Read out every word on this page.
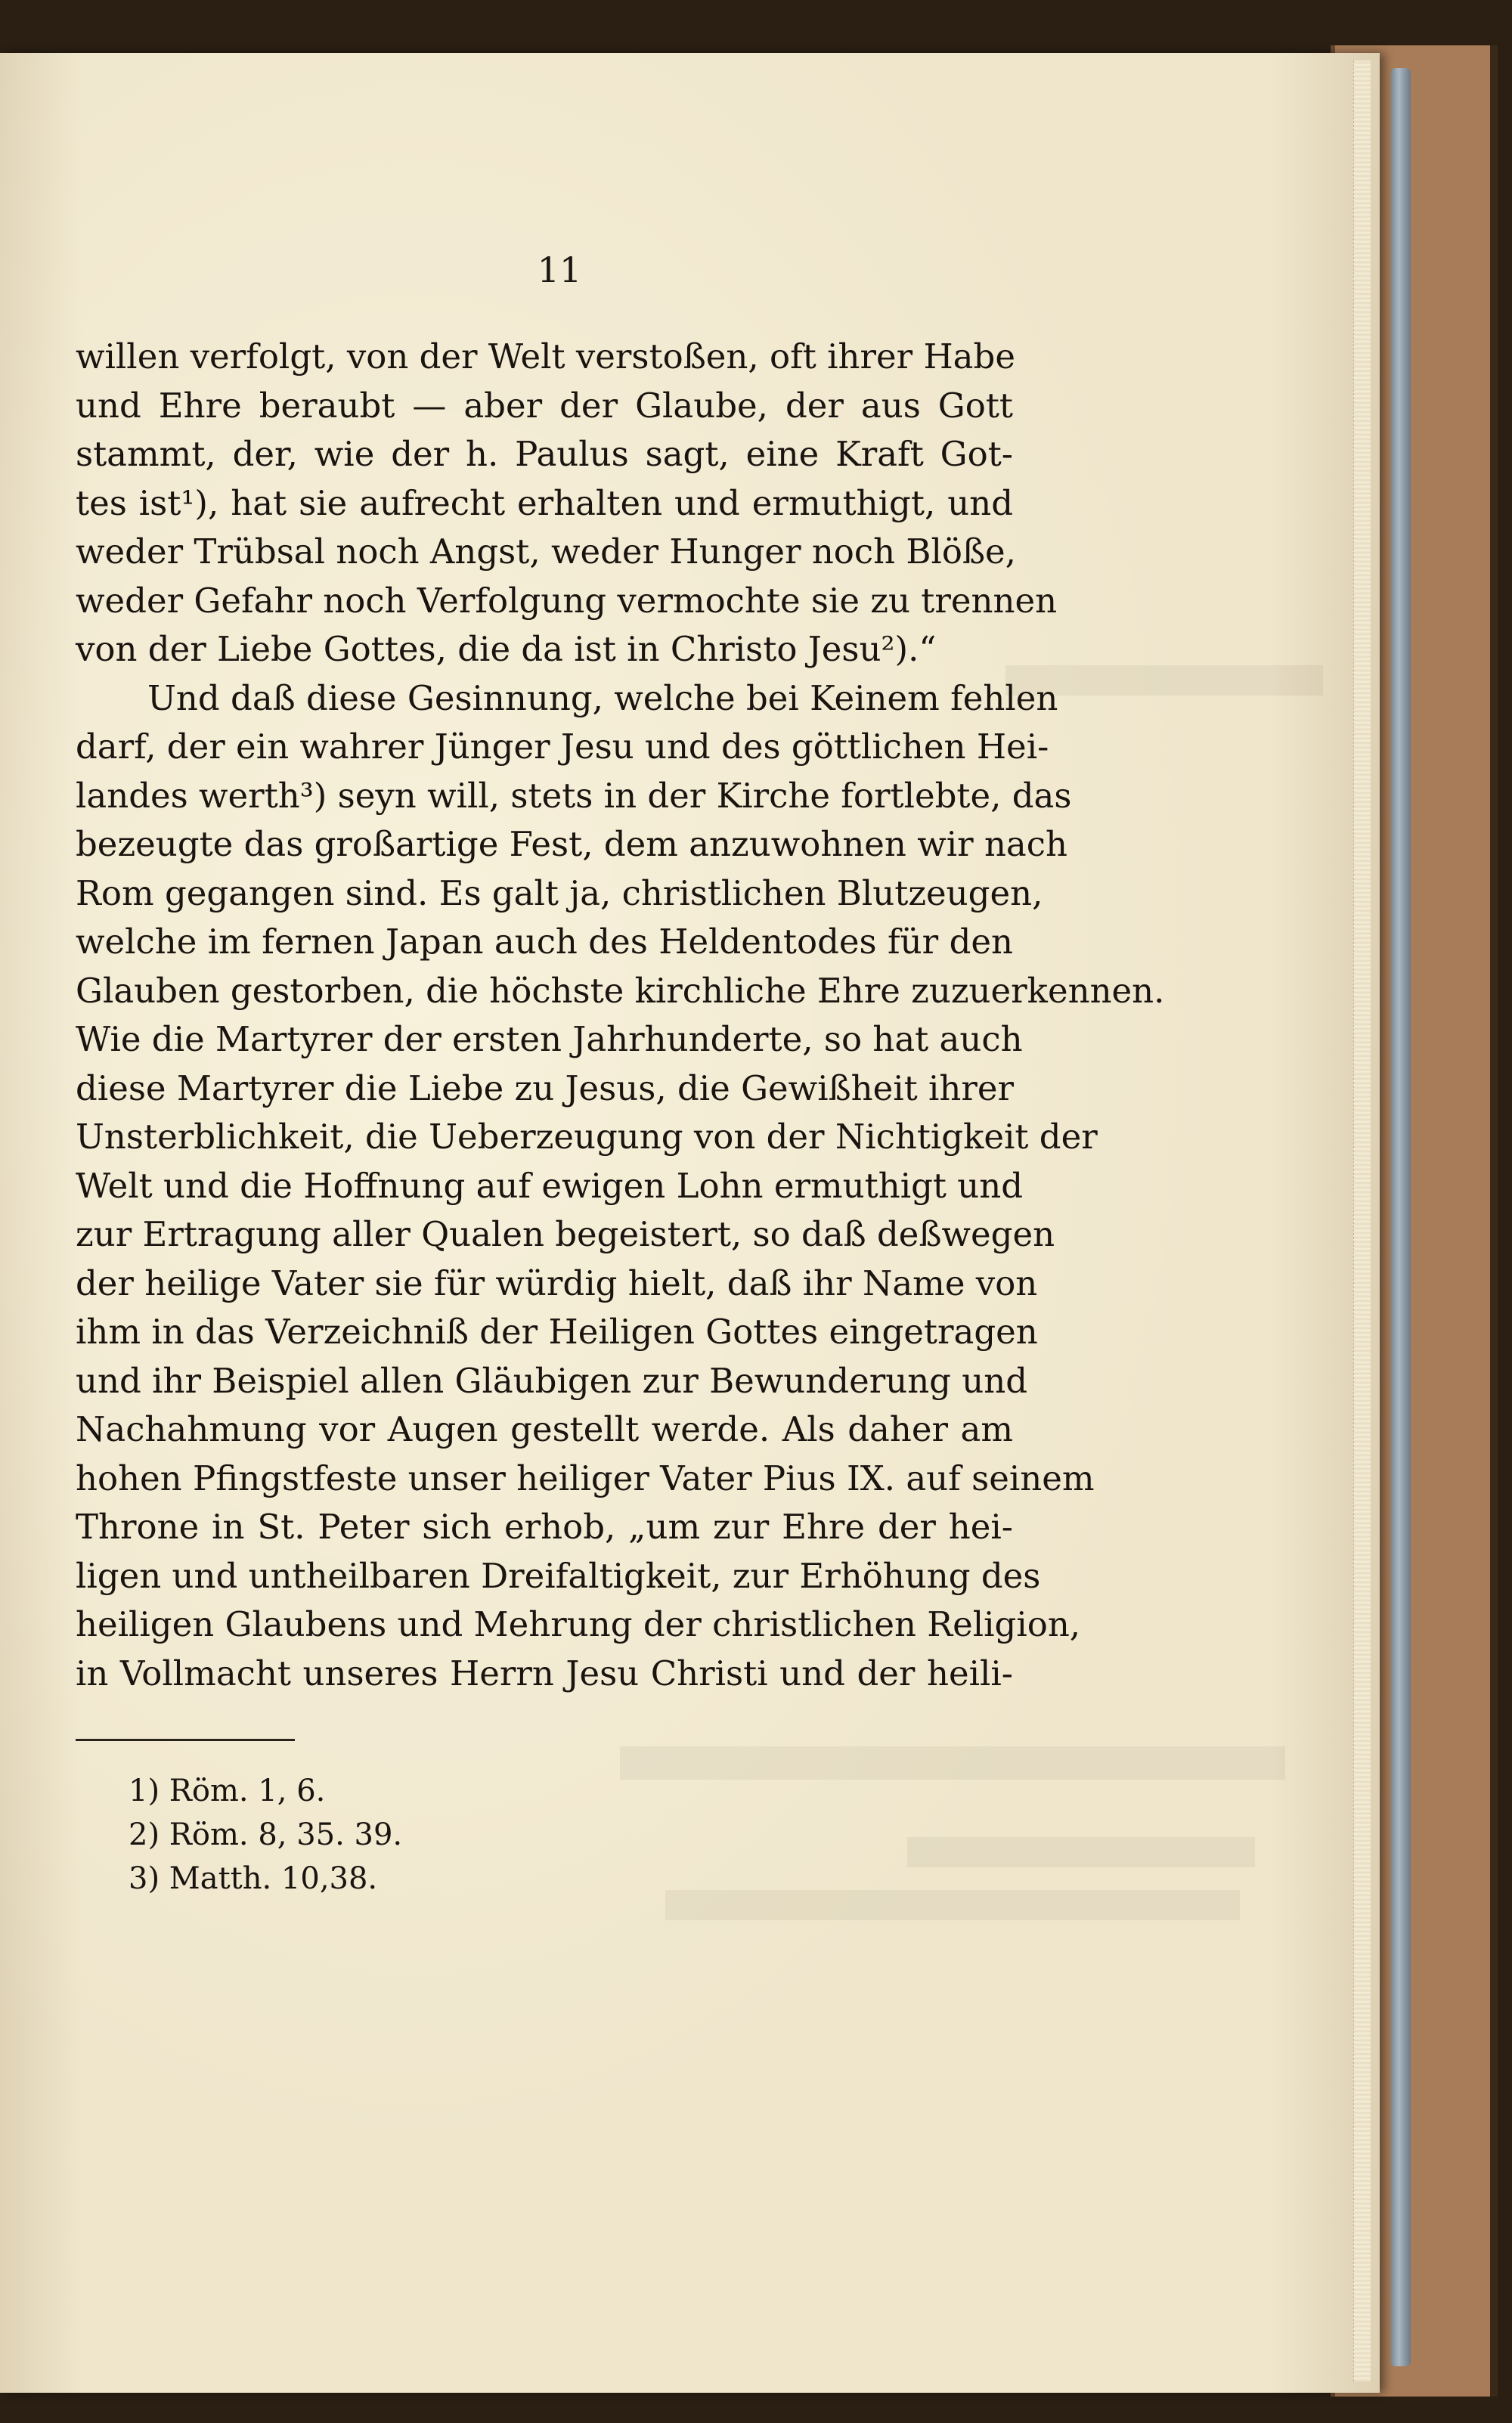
11
willen verfolgt, von der Welt verstoßen, oft ihrer Habe
und Ehre beraubt — aber der Glaube, der aus Gott
stammt, der, wie der h. Paulus sagt, eine Kraft Got-
tes ist¹), hat sie aufrecht erhalten und ermuthigt, und
weder Trübsal noch Angst, weder Hunger noch Blöße,
weder Gefahr noch Verfolgung vermochte sie zu trennen
von der Liebe Gottes, die da ist in Christo Jesu²).“
Und daß diese Gesinnung, welche bei Keinem fehlen
darf, der ein wahrer Jünger Jesu und des göttlichen Hei-
landes werth³) seyn will, stets in der Kirche fortlebte, das
bezeugte das großartige Fest, dem anzuwohnen wir nach
Rom gegangen sind. Es galt ja, christlichen Blutzeugen,
welche im fernen Japan auch des Heldentodes für den
Glauben gestorben, die höchste kirchliche Ehre zuzuerkennen.
Wie die Martyrer der ersten Jahrhunderte, so hat auch
diese Martyrer die Liebe zu Jesus, die Gewißheit ihrer
Unsterblichkeit, die Ueberzeugung von der Nichtigkeit der
Welt und die Hoffnung auf ewigen Lohn ermuthigt und
zur Ertragung aller Qualen begeistert, so daß deßwegen
der heilige Vater sie für würdig hielt, daß ihr Name von
ihm in das Verzeichniß der Heiligen Gottes eingetragen
und ihr Beispiel allen Gläubigen zur Bewunderung und
Nachahmung vor Augen gestellt werde. Als daher am
hohen Pfingstfeste unser heiliger Vater Pius IX. auf seinem
Throne in St. Peter sich erhob, „um zur Ehre der hei-
ligen und untheilbaren Dreifaltigkeit, zur Erhöhung des
heiligen Glaubens und Mehrung der christlichen Religion,
in Vollmacht unseres Herrn Jesu Christi und der heili-
1) Röm. 1, 6.
2) Röm. 8, 35. 39.
3) Matth. 10,38.
